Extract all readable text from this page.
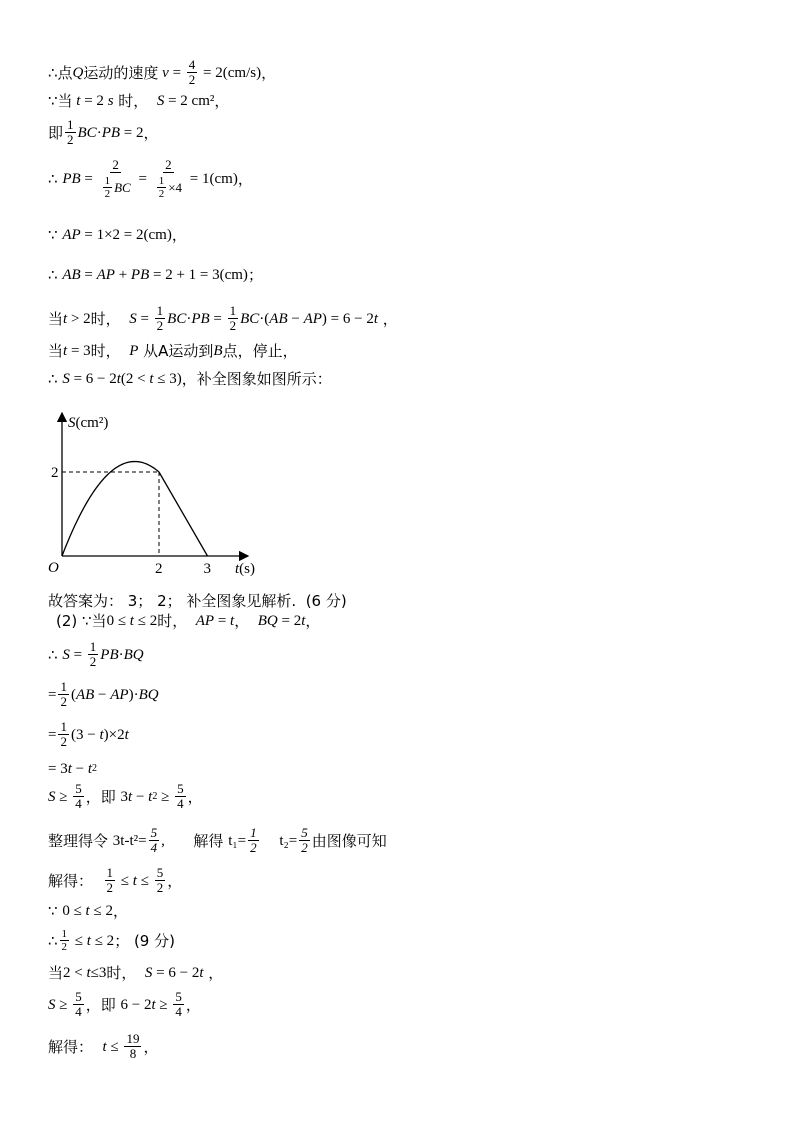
∴点 Q 运动的速度 $v = \frac{4}{2} = 2(cm/s)$ ，
∵当 t = 2 s 时， S = 2 cm² ，
即 $\frac{1}{2}$ BC · PB = 2 ，
∴ PB = $\frac{2}{\frac{1}{2} BC} = \frac{2}{\frac{1}{2} \times 4} = 1(cm)$ ，
∵ AP = 1×2 = 2(cm) ，
∴ AB = AP + PB = 2 + 1 = 3(cm) ；
当 t > 2 时， $S = \frac{1}{2}$ BC · PB = $\frac{1}{2}$ BC ·( AB − AP ) = 6 − 2 t ，
当 t = 3 时， P 从A运动到 B 点，停止，
∴ S = 6 − 2 t (2 < t ≤ 3) ，补全图象如图所示：
S(cm²)
t(s)
O	2	3
2
故答案为： 3； 2； 补全图象见解析.  (6 分)
(2) ∵当 0 ≤ t ≤ 2 时， AP = t ， BQ = 2 t ，
∴ $S = \frac{1}{2}$ PB · BQ
= $\frac{1}{2}$ ( AB − AP )· BQ
= $\frac{1}{2} (3 - t$ )×2 t
= 3 t − t 2
$S \ge \frac{5}{4}$ ，即 3 t − t $2 \ge \frac{5}{4}$ ，
整理得令 $3t-t^2= \frac{5}{4}$ , 解得 $t_1= \frac{1}{2} t_2= \frac{5}{2}$ 由图像可知
解得： $\frac{1}{2} \le t \le \frac{5}{2}$ ，
∵ 0 ≤ t ≤ 2 ，
∴ $\frac{1}{2} \le t \le 2$ ； (9 分)
当 2 < t ≤3 时， S = 6 − 2 t ，
$S \ge \frac{5}{4}$ ，即 6 − 2 $t \ge \frac{5}{4}$ ，
解得： $t \le \frac{19}{8}$ ，
